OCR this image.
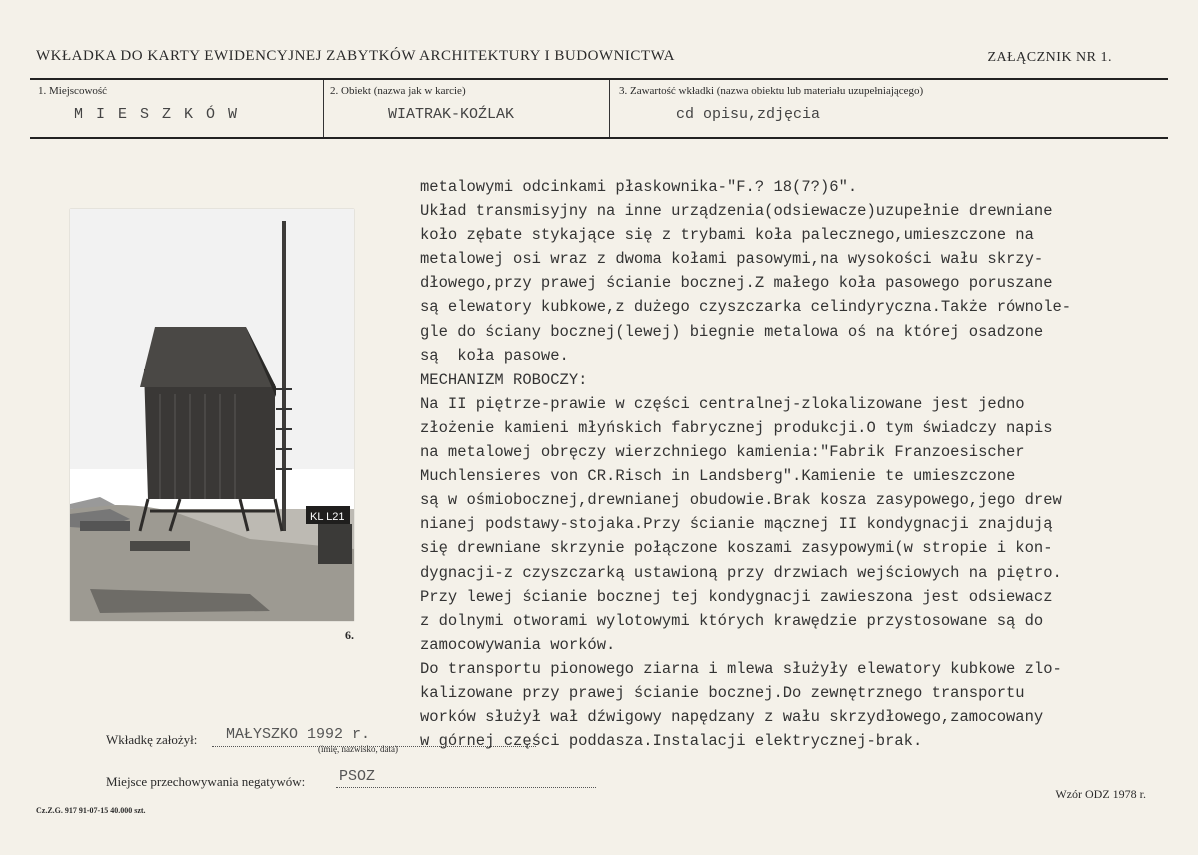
WKŁADKA DO KARTY EWIDENCYJNEJ ZABYTKÓW ARCHITEKTURY I BUDOWNICTWA	ZAŁĄCZNIK NR 1.
1. Miejscowość
M I E S Z K Ó W
2. Obiekt (nazwa jak w karcie)
WIATRAK-KOŹLAK
3. Zawartość wkładki (nazwa obiektu lub materiału uzupełniającego)
cd opisu,zdjęcia
KL L21
6.
metalowymi odcinkami płaskownika-"F.? 18(7?)6".
Układ transmisyjny na inne urządzenia(odsiewacze)uzupełnie drewniane
koło zębate stykające się z trybami koła palecznego,umieszczone na
metalowej osi wraz z dwoma kołami pasowymi,na wysokości wału skrzy-
dłowego,przy prawej ścianie bocznej.Z małego koła pasowego poruszane
są elewatory kubkowe,z dużego czyszczarka celindyryczna.Także równole-
gle do ściany bocznej(lewej) biegnie metalowa oś na której osadzone
są  koła pasowe.
MECHANIZM ROBOCZY:
Na II piętrze-prawie w części centralnej-zlokalizowane jest jedno
złożenie kamieni młyńskich fabrycznej produkcji.O tym świadczy napis
na metalowej obręczy wierzchniego kamienia:"Fabrik Franzoesischer
Muchlensieres von CR.Risch in Landsberg".Kamienie te umieszczone
są w ośmiobocznej,drewnianej obudowie.Brak kosza zasypowego,jego drew
nianej podstawy-stojaka.Przy ścianie mącznej II kondygnacji znajdują
się drewniane skrzynie połączone koszami zasypowymi(w stropie i kon-
dygnacji-z czyszczarką ustawioną przy drzwiach wejściowych na piętro.
Przy lewej ścianie bocznej tej kondygnacji zawieszona jest odsiewacz
z dolnymi otworami wylotowymi których krawędzie przystosowane są do
zamocowywania worków.
Do transportu pionowego ziarna i mlewa służyły elewatory kubkowe zlo-
kalizowane przy prawej ścianie bocznej.Do zewnętrznego transportu
worków służył wał dźwigowy napędzany z wału skrzydłowego,zamocowany
w górnej części poddasza.Instalacji elektrycznej-brak.
Wkładkę założył: MAŁYSZKO 1992 r.
(imię, nazwisko, data)
Miejsce przechowywania negatywów: PSOZ
Cz.Z.G. 917 91-07-15 40.000 szt.
Wzór ODZ 1978 r.
